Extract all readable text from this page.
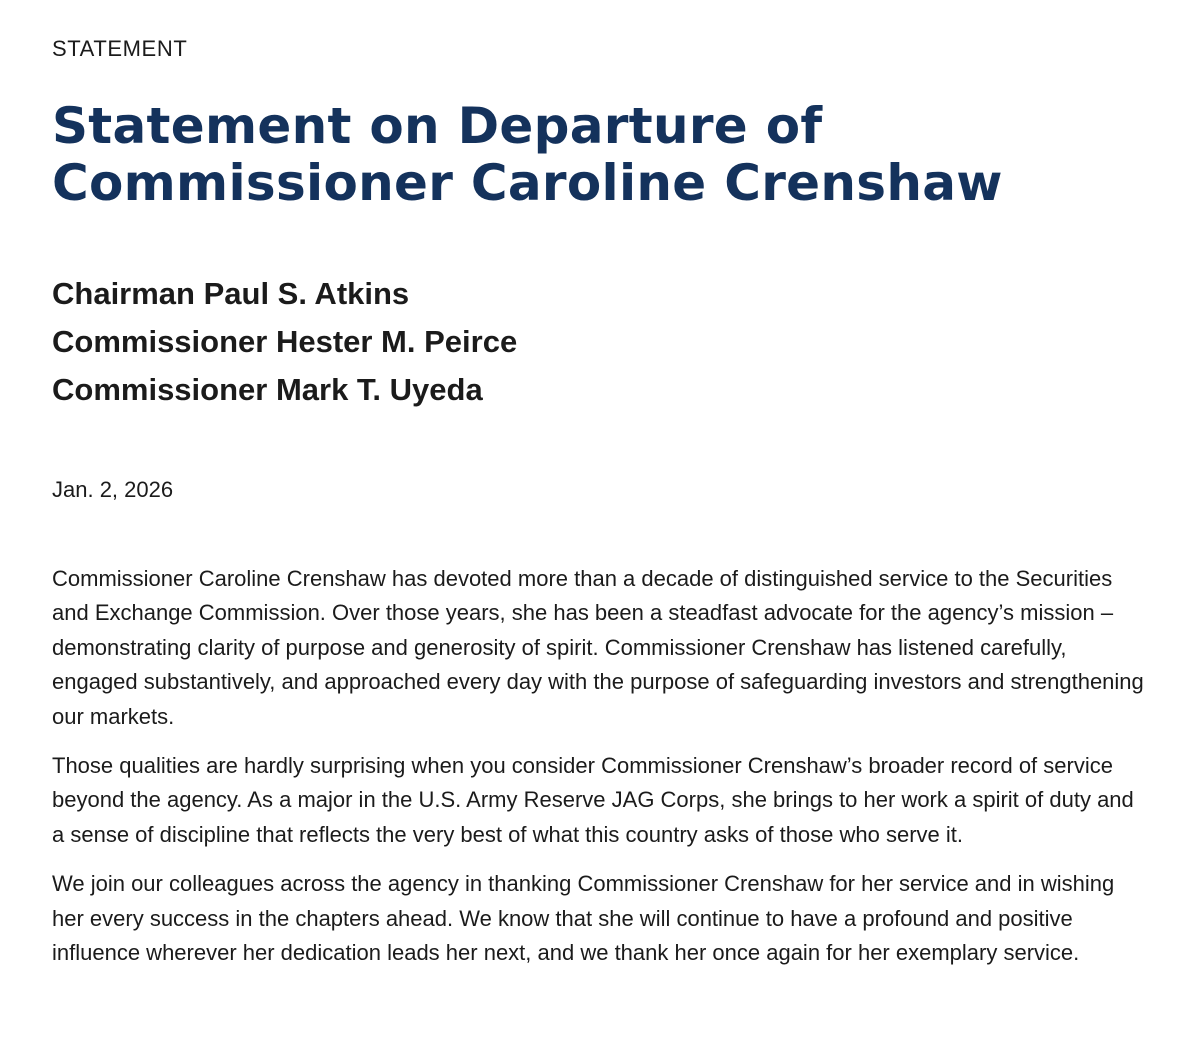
STATEMENT

Statement on Departure of
Commissioner Caroline Crenshaw
Chairman Paul S. Atkins
Commissioner Hester M. Peirce
Commissioner Mark T. Uyeda

Jan. 2, 2026

Commissioner Caroline Crenshaw has devoted more than a decade of distinguished service to the Securities and Exchange Commission. Over those years, she has been a steadfast advocate for the agency’s mission – demonstrating clarity of purpose and generosity of spirit. Commissioner Crenshaw has listened carefully, engaged substantively, and approached every day with the purpose of safeguarding investors and strengthening our markets.

Those qualities are hardly surprising when you consider Commissioner Crenshaw’s broader record of service beyond the agency. As a major in the U.S. Army Reserve JAG Corps, she brings to her work a spirit of duty and a sense of discipline that reflects the very best of what this country asks of those who serve it.

We join our colleagues across the agency in thanking Commissioner Crenshaw for her service and in wishing her every success in the chapters ahead. We know that she will continue to have a profound and positive influence wherever her dedication leads her next, and we thank her once again for her exemplary service.
